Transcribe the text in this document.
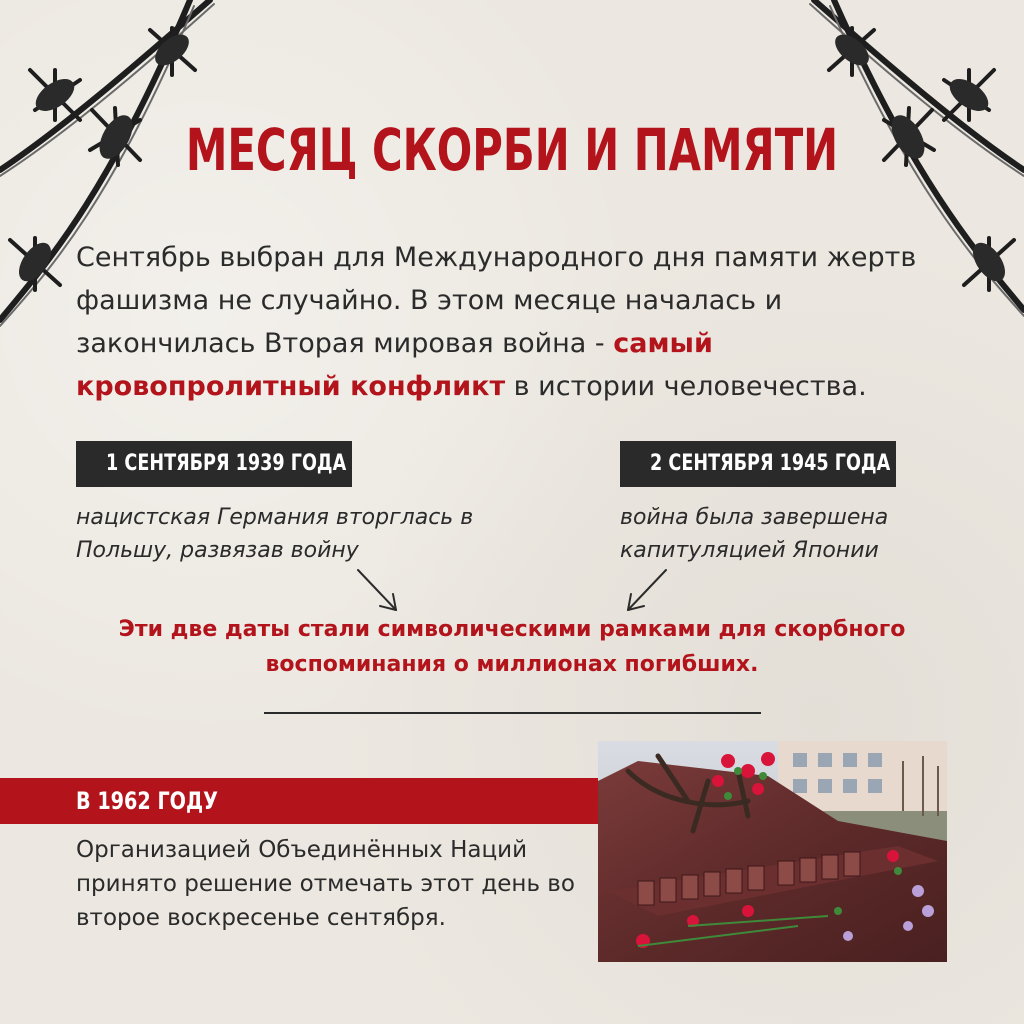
МЕСЯЦ СКОРБИ И ПАМЯТИ
Сентябрь выбран для Международного дня памяти жертв фашизма не случайно. В этом месяце началась и закончилась Вторая мировая война - самый кровопролитный конфликт в истории человечества.
1 СЕНТЯБРЯ 1939 ГОДА	2 СЕНТЯБРЯ 1945 ГОДА
нацистская Германия вторглась в Польшу, развязав войну
война была завершена капитуляцией Японии
Эти две даты стали символическими рамками для скорбного воспоминания о миллионах погибших.
В 1962 ГОДУ
Организацией Объединённых Наций принято решение отмечать этот день во второе воскресенье сентября.
